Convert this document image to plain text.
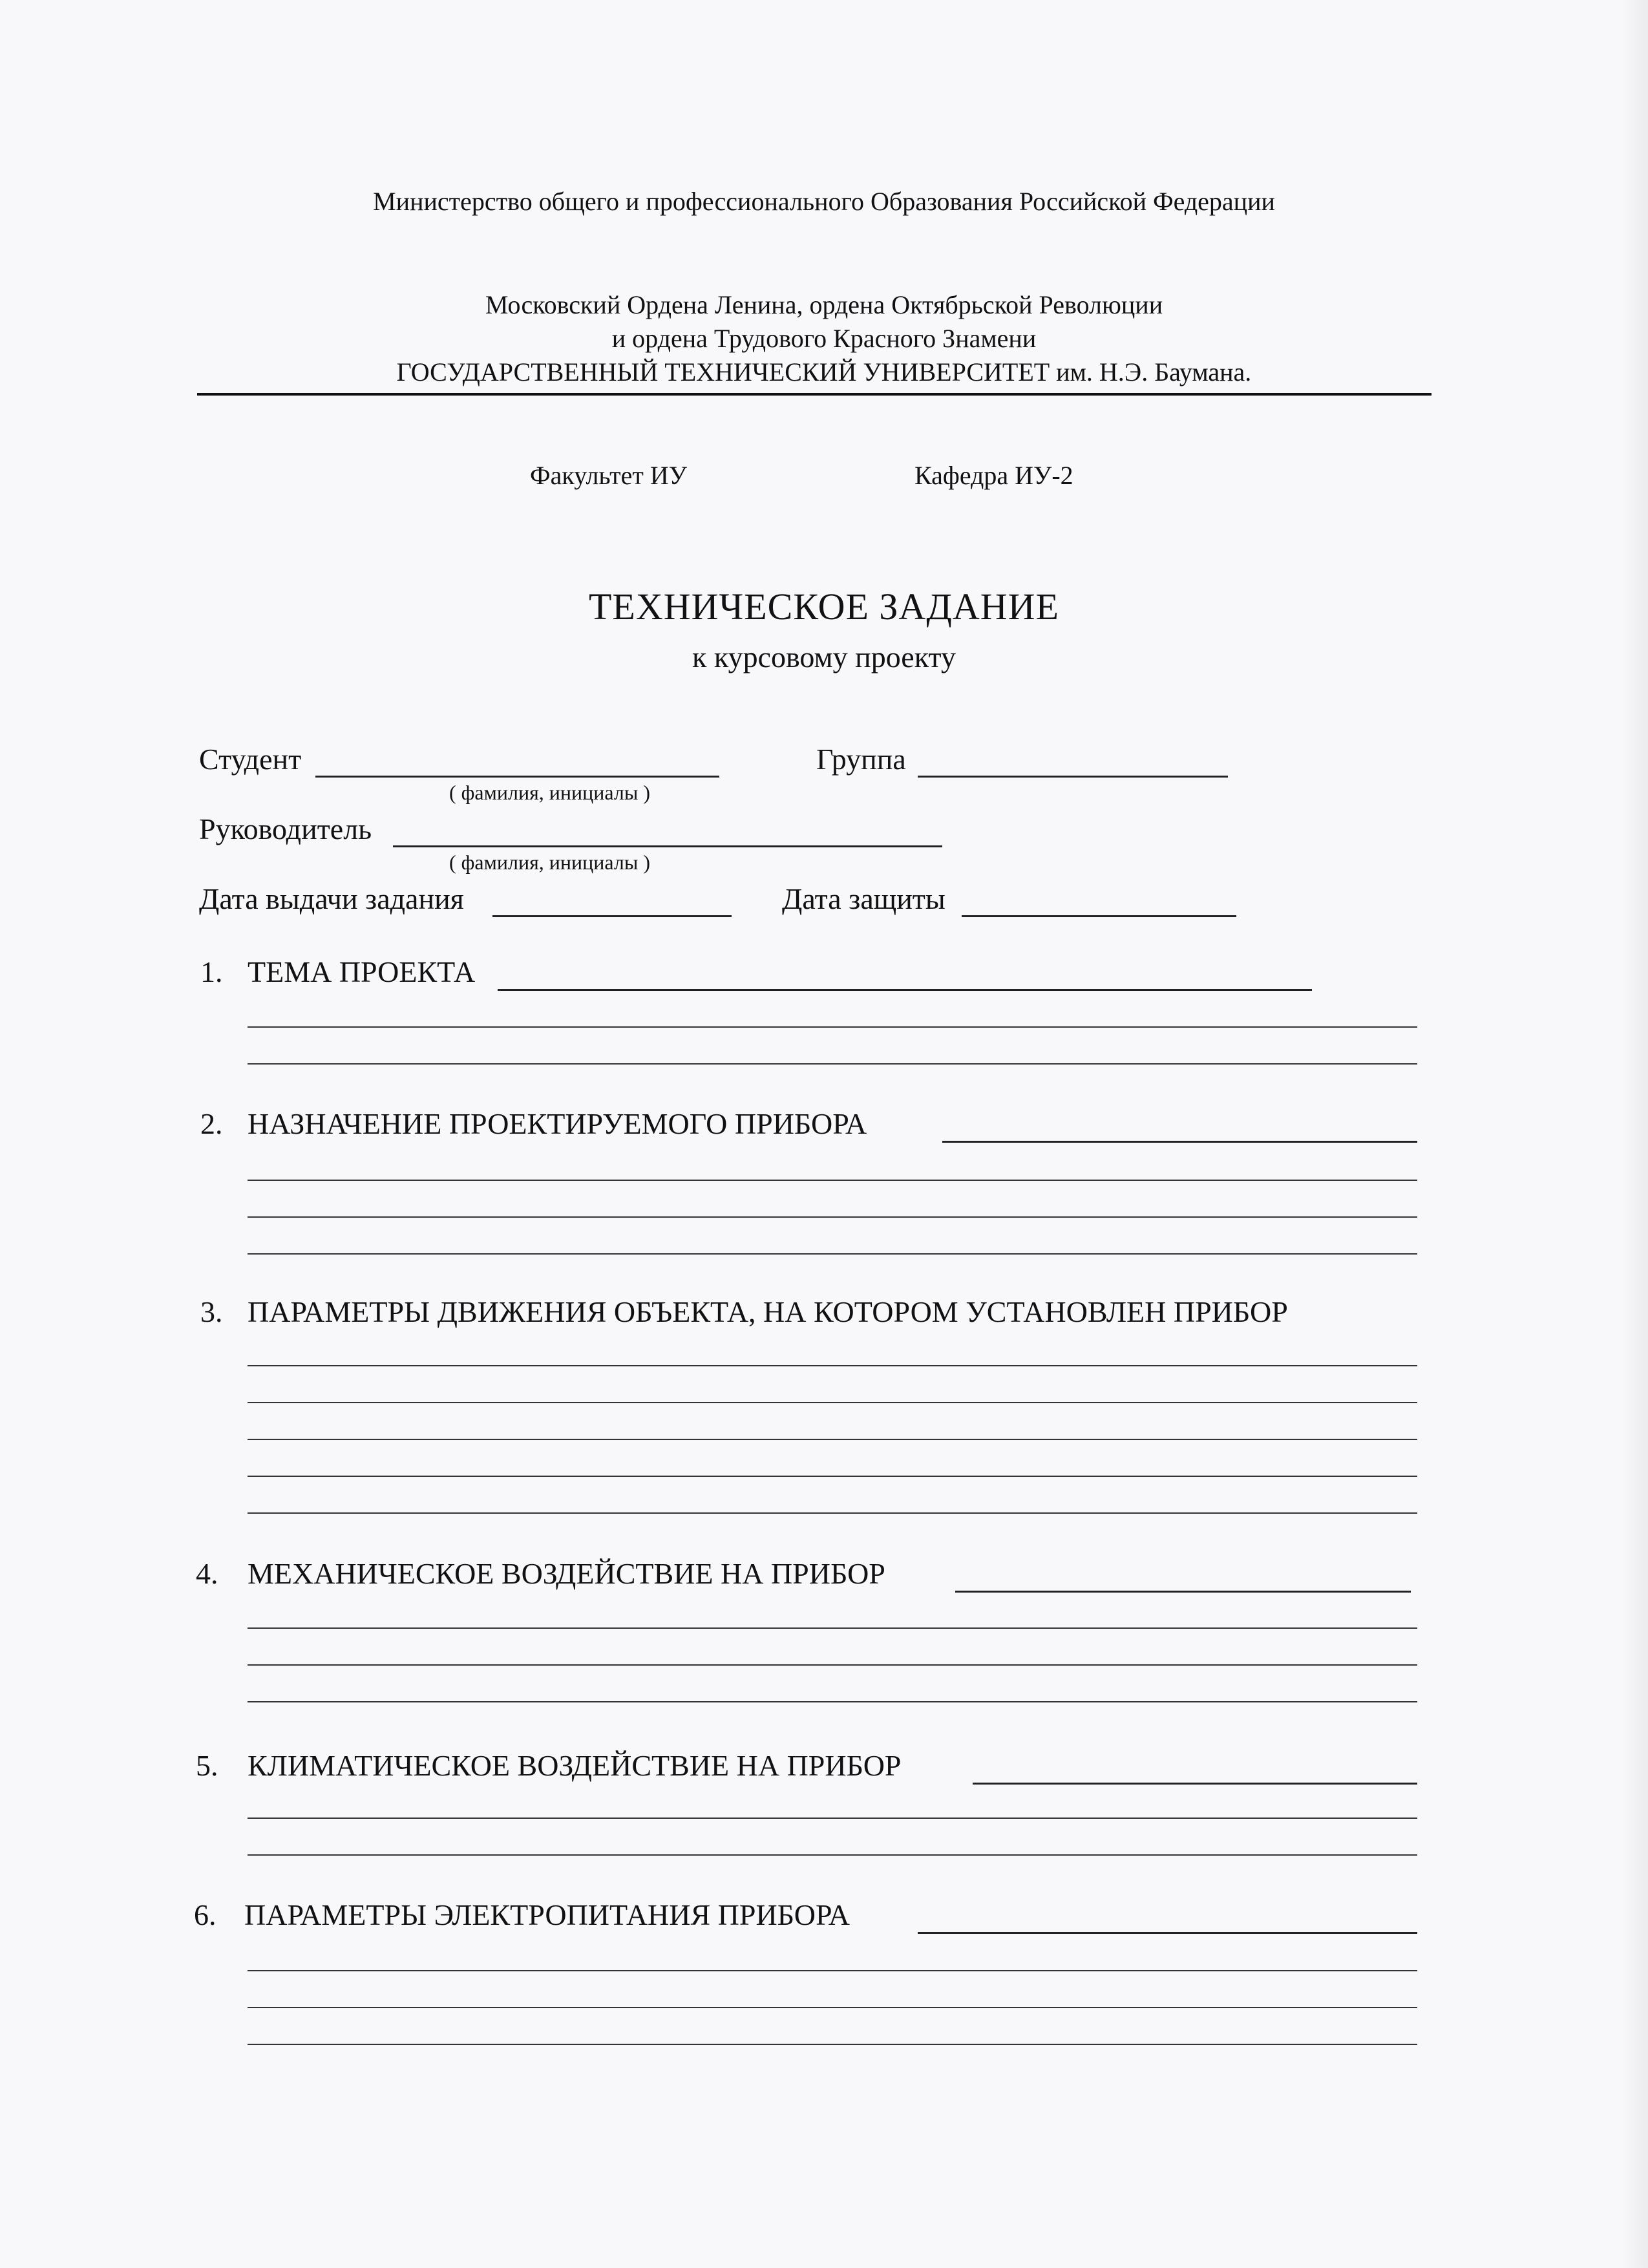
Министерство общего и профессионального Образования Российской Федерации
Московский Ордена Ленина, ордена Октябрьской Революции
и ордена Трудового Красного Знамени
ГОСУДАРСТВЕННЫЙ ТЕХНИЧЕСКИЙ УНИВЕРСИТЕТ им. Н.Э. Баумана.
Факультет ИУ	Кафедра ИУ-2
ТЕХНИЧЕСКОЕ ЗАДАНИЕ
к курсовому проекту
Студент	Группа
( фамилия, инициалы )
Руководитель
( фамилия, инициалы )
Дата выдачи задания	Дата защиты
1. ТЕМА ПРОЕКТА
2. НАЗНАЧЕНИЕ ПРОЕКТИРУЕМОГО ПРИБОРА
3. ПАРАМЕТРЫ ДВИЖЕНИЯ ОБЪЕКТА, НА КОТОРОМ УСТАНОВЛЕН ПРИБОР
4. МЕХАНИЧЕСКОЕ ВОЗДЕЙСТВИЕ НА ПРИБОР
5. КЛИМАТИЧЕСКОЕ ВОЗДЕЙСТВИЕ НА ПРИБОР
6. ПАРАМЕТРЫ ЭЛЕКТРОПИТАНИЯ ПРИБОРА
